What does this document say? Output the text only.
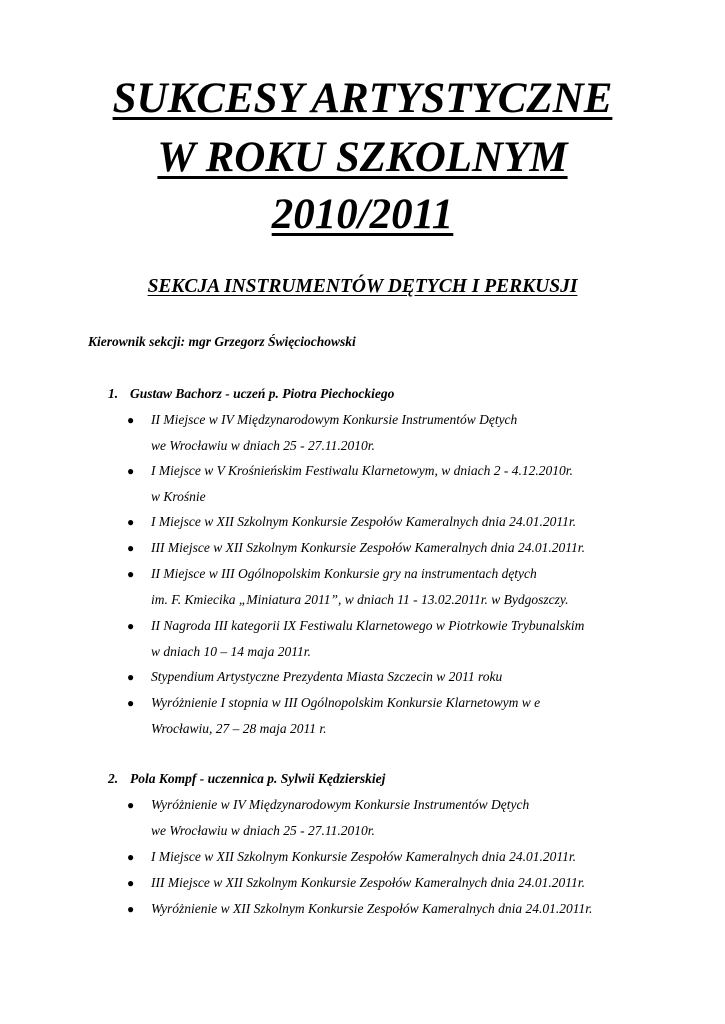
SUKCESY ARTYSTYCZNE
W ROKU SZKOLNYM
2010/2011
SEKCJA INSTRUMENTÓW DĘTYCH I PERKUSJI
Kierownik sekcji: mgr Grzegorz Święciochowski
1. Gustaw Bachorz - uczeń p. Piotra Piechockiego
●	II Miejsce w IV Międzynarodowym Konkursie Instrumentów Dętych
we Wrocławiu w dniach 25 - 27.11.2010r.
●	I Miejsce w V Krośnieńskim Festiwalu Klarnetowym, w dniach 2 - 4.12.2010r.
w Krośnie
●	I Miejsce w XII Szkolnym Konkursie Zespołów Kameralnych dnia 24.01.2011r.
●	III Miejsce w XII Szkolnym Konkursie Zespołów Kameralnych dnia 24.01.2011r.
●	II Miejsce w III Ogólnopolskim Konkursie gry na instrumentach dętych
im. F. Kmiecika „Miniatura 2011”, w dniach 11 - 13.02.2011r. w Bydgoszczy.
●	II Nagroda III kategorii IX Festiwalu Klarnetowego w Piotrkowie Trybunalskim
w dniach 10 – 14 maja 2011r.
●	Stypendium Artystyczne Prezydenta Miasta Szczecin w 2011 roku
●	Wyróżnienie I stopnia w III Ogólnopolskim Konkursie Klarnetowym w e
Wrocławiu, 27 – 28 maja 2011 r.
2. Pola Kompf - uczennica p. Sylwii Kędzierskiej
●	Wyróżnienie w IV Międzynarodowym Konkursie Instrumentów Dętych
we Wrocławiu w dniach 25 - 27.11.2010r.
●	I Miejsce w XII Szkolnym Konkursie Zespołów Kameralnych dnia 24.01.2011r.
●	III Miejsce w XII Szkolnym Konkursie Zespołów Kameralnych dnia 24.01.2011r.
●	Wyróżnienie w XII Szkolnym Konkursie Zespołów Kameralnych dnia 24.01.2011r.
